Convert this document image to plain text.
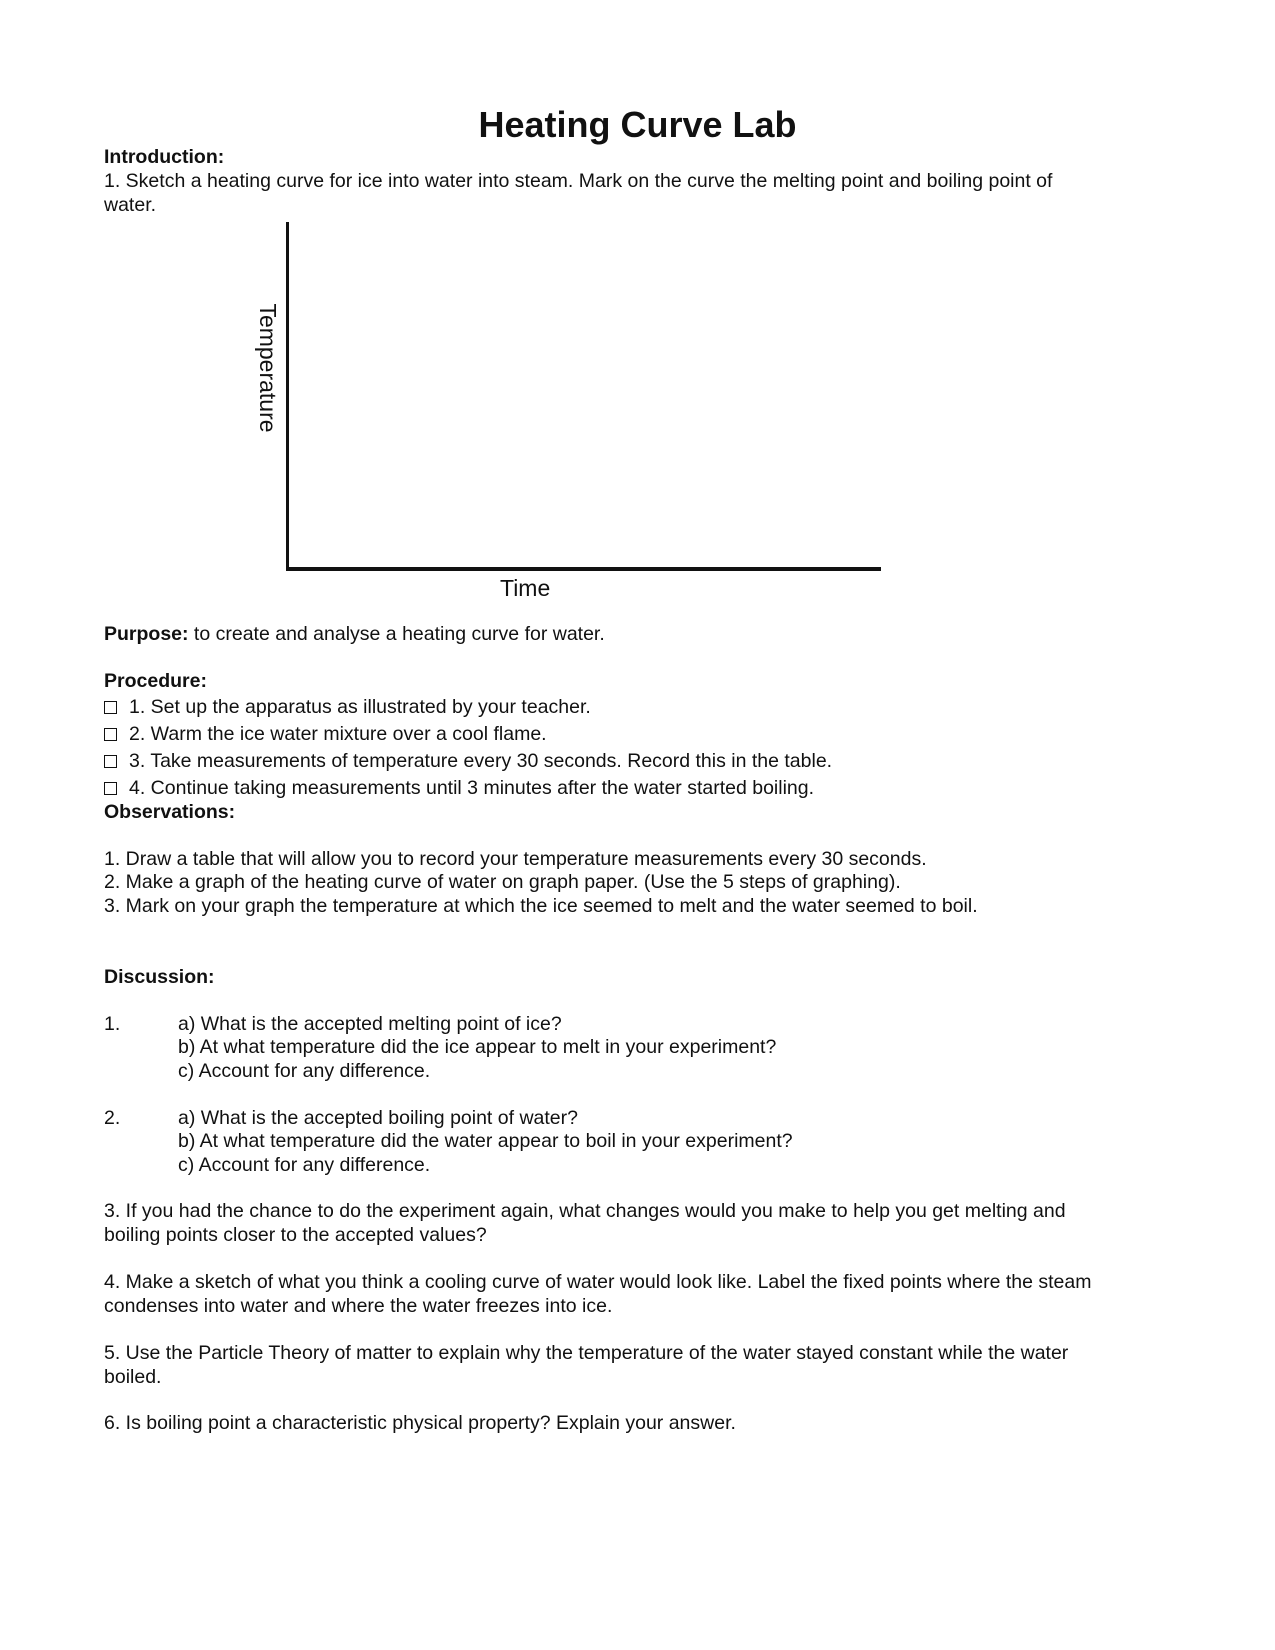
Heating Curve Lab
Introduction:
1. Sketch a heating curve for ice into water into steam. Mark on the curve the melting point and boiling point of
water.
Temperature
Time
Purpose: to create and analyse a heating curve for water.
Procedure:
1. Set up the apparatus as illustrated by your teacher.
2. Warm the ice water mixture over a cool flame.
3. Take measurements of temperature every 30 seconds. Record this in the table.
4. Continue taking measurements until 3 minutes after the water started boiling.
Observations:
1. Draw a table that will allow you to record your temperature measurements every 30 seconds.
2. Make a graph of the heating curve of water on graph paper. (Use the 5 steps of graphing).
3. Mark on your graph the temperature at which the ice seemed to melt and the water seemed to boil.
Discussion:
1.	a) What is the accepted melting point of ice?
b) At what temperature did the ice appear to melt in your experiment?
c) Account for any difference.
2.	a) What is the accepted boiling point of water?
b) At what temperature did the water appear to boil in your experiment?
c) Account for any difference.
3. If you had the chance to do the experiment again, what changes would you make to help you get melting and
boiling points closer to the accepted values?
4. Make a sketch of what you think a cooling curve of water would look like. Label the fixed points where the steam
condenses into water and where the water freezes into ice.
5. Use the Particle Theory of matter to explain why the temperature of the water stayed constant while the water
boiled.
6. Is boiling point a characteristic physical property? Explain your answer.
